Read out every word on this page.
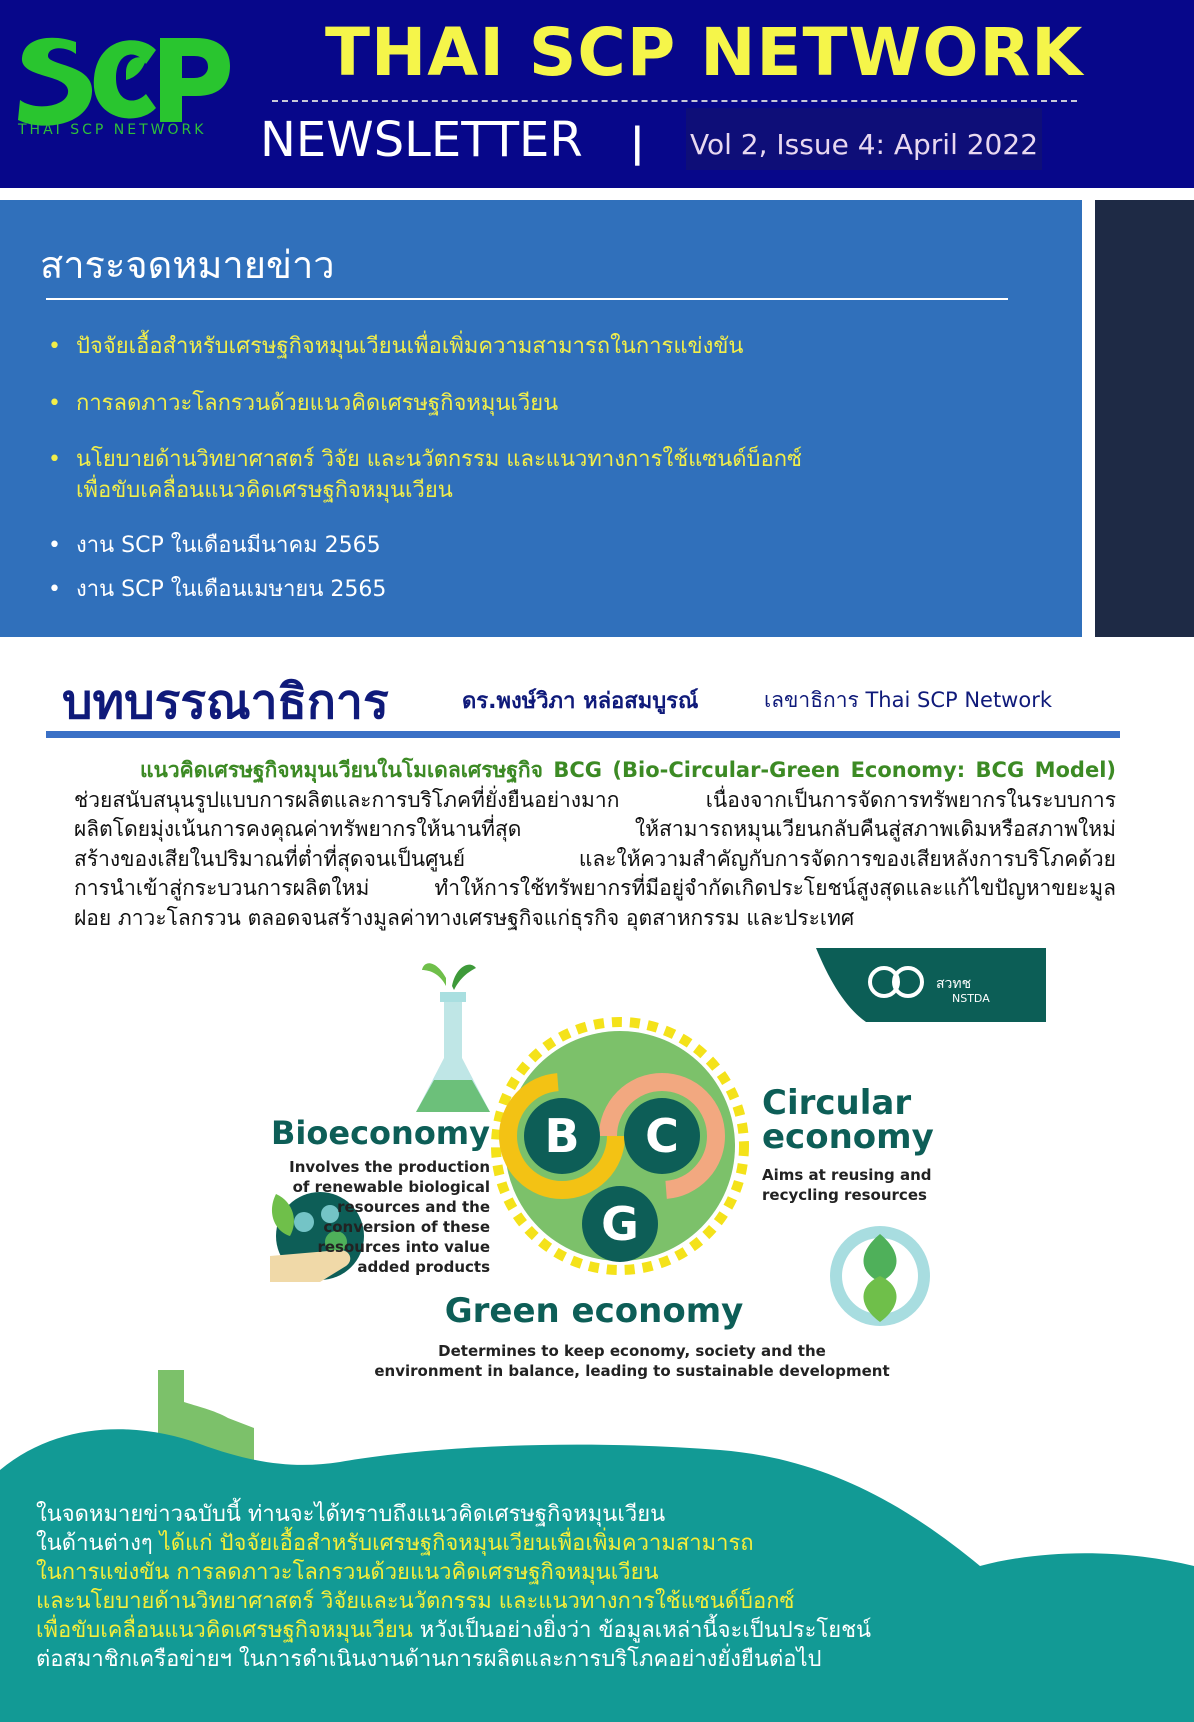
THAI SCP NETWORK
THAI SCP NETWORK
NEWSLETTER | Vol 2, Issue 4: April 2022
สาระจดหมายข่าว
• ปัจจัยเอื้อสำหรับเศรษฐกิจหมุนเวียนเพื่อเพิ่มความสามารถในการแข่งขัน
• การลดภาวะโลกรวนด้วยแนวคิดเศรษฐกิจหมุนเวียน
• นโยบายด้านวิทยาศาสตร์ วิจัย และนวัตกรรม และแนวทางการใช้แซนด์บ็อกซ์
เพื่อขับเคลื่อนแนวคิดเศรษฐกิจหมุนเวียน
• งาน SCP ในเดือนมีนาคม 2565
• งาน SCP ในเดือนเมษายน 2565
บทบรรณาธิการ	ดร.พงษ์วิภา หล่อสมบูรณ์	เลขาธิการ Thai SCP Network
แนวคิดเศรษฐกิจหมุนเวียนในโมเดลเศรษฐกิจ BCG (Bio-Circular-Green Economy: BCG Model)
ช่วยสนับสนุนรูปแบบการผลิตและการบริโภคที่ยั่งยืนอย่างมาก เนื่องจากเป็นการจัดการทรัพยากรในระบบการ
ผลิตโดยมุ่งเน้นการคงคุณค่าทรัพยากรให้นานที่สุด ให้สามารถหมุนเวียนกลับคืนสู่สภาพเดิมหรือสภาพใหม่
สร้างของเสียในปริมาณที่ต่ำที่สุดจนเป็นศูนย์ และให้ความสำคัญกับการจัดการของเสียหลังการบริโภคด้วย
การนำเข้าสู่กระบวนการผลิตใหม่ ทำให้การใช้ทรัพยากรที่มีอยู่จำกัดเกิดประโยชน์สูงสุดและแก้ไขปัญหาขยะมูล
ฝอย ภาวะโลกรวน ตลอดจนสร้างมูลค่าทางเศรษฐกิจแก่ธุรกิจ อุตสาหกรรม และประเทศ
สวทช
NSTDA
B C
G
Bioeconomy
Involves the production
of renewable biological
resources and the
conversion of these
resources into value
added products
Circular
economy
Aims at reusing and
recycling resources
Green economy
Determines to keep economy, society and the
environment in balance, leading to sustainable development
ในจดหมายข่าวฉบับนี้ ท่านจะได้ทราบถึงแนวคิดเศรษฐกิจหมุนเวียน
ในด้านต่างๆ ได้แก่ ปัจจัยเอื้อสำหรับเศรษฐกิจหมุนเวียนเพื่อเพิ่มความสามารถ
ในการแข่งขัน การลดภาวะโลกรวนด้วยแนวคิดเศรษฐกิจหมุนเวียน
และนโยบายด้านวิทยาศาสตร์ วิจัยและนวัตกรรม และแนวทางการใช้แซนด์บ็อกซ์
เพื่อขับเคลื่อนแนวคิดเศรษฐกิจหมุนเวียน หวังเป็นอย่างยิ่งว่า ข้อมูลเหล่านี้จะเป็นประโยชน์
ต่อสมาชิกเครือข่ายฯ ในการดำเนินงานด้านการผลิตและการบริโภคอย่างยั่งยืนต่อไป
